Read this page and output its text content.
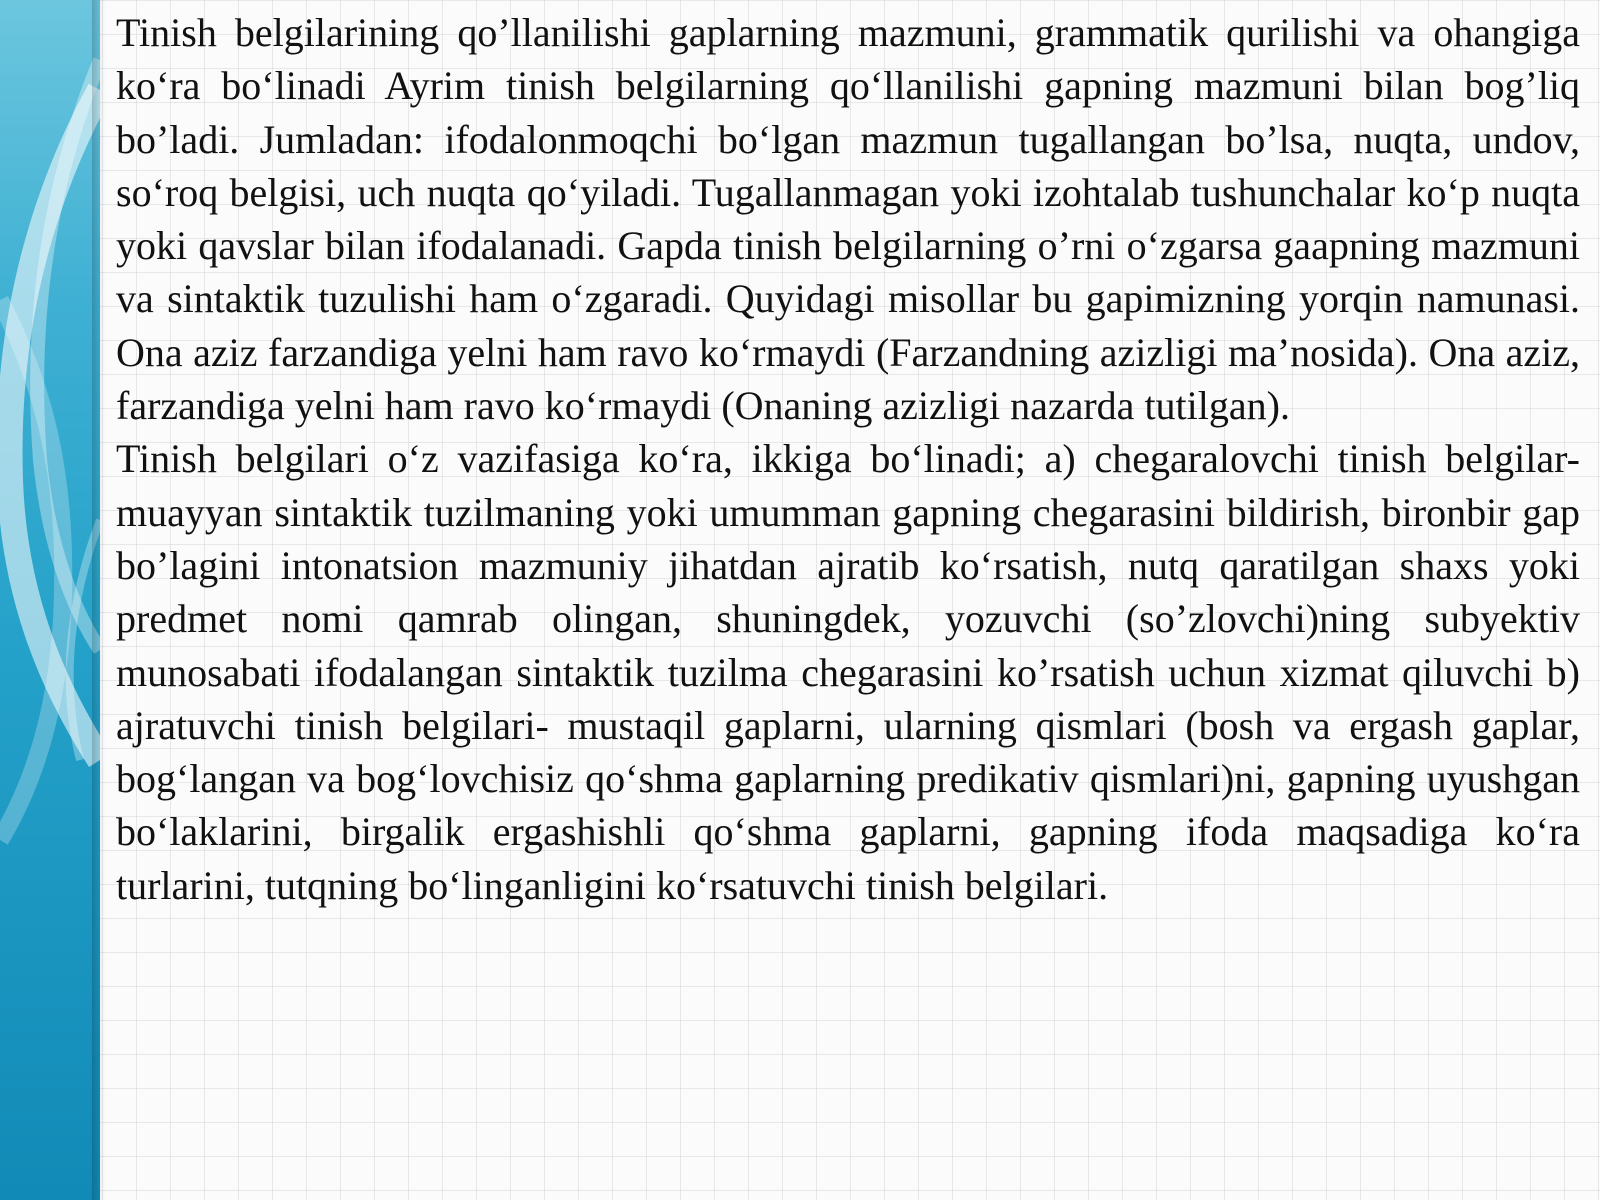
Tinish belgilarining qo’llanilishi gaplarning mazmuni, grammatik qurilishi va ohangiga ko‘ra bo‘linadi Ayrim tinish belgilarning qo‘llanilishi gapning mazmuni bilan bog’liq bo’ladi. Jumladan: ifodalonmoqchi bo‘lgan mazmun tugallangan bo’lsa, nuqta, undov, so‘roq belgisi, uch nuqta qo‘yiladi. Tugallanmagan yoki izohtalab tushunchalar ko‘p nuqta yoki qavslar bilan ifodalanadi. Gapda tinish belgilarning o’rni o‘zgarsa gaapning mazmuni va sintaktik tuzulishi ham o‘zgaradi. Quyidagi misollar bu gapimizning yorqin namunasi. Ona aziz farzandiga yelni ham ravo ko‘rmaydi (Farzandning azizligi ma’nosida). Ona aziz, farzandiga yelni ham ravo ko‘rmaydi (Onaning azizligi nazarda tutilgan).

Tinish belgilari o‘z vazifasiga ko‘ra, ikkiga bo‘linadi; a) chegaralovchi tinish belgilar- muayyan sintaktik tuzilmaning yoki umumman gapning chegarasini bildirish, bironbir gap bo’lagini intonatsion mazmuniy jihatdan ajratib ko‘rsatish, nutq qaratilgan shaxs yoki predmet nomi qamrab olingan, shuningdek, yozuvchi (so’zlovchi)ning subyektiv munosabati ifodalangan sintaktik tuzilma chegarasini ko’rsatish uchun xizmat qiluvchi b) ajratuvchi tinish belgilari- mustaqil gaplarni, ularning qismlari (bosh va ergash gaplar, bog‘langan va bog‘lovchisiz qo‘shma gaplarning predikativ qismlari)ni, gapning uyushgan bo‘laklarini, birgalik ergashishli qo‘shma gaplarni, gapning ifoda maqsadiga ko‘ra turlarini, tutqning bo‘linganligini ko‘rsatuvchi tinish belgilari.
